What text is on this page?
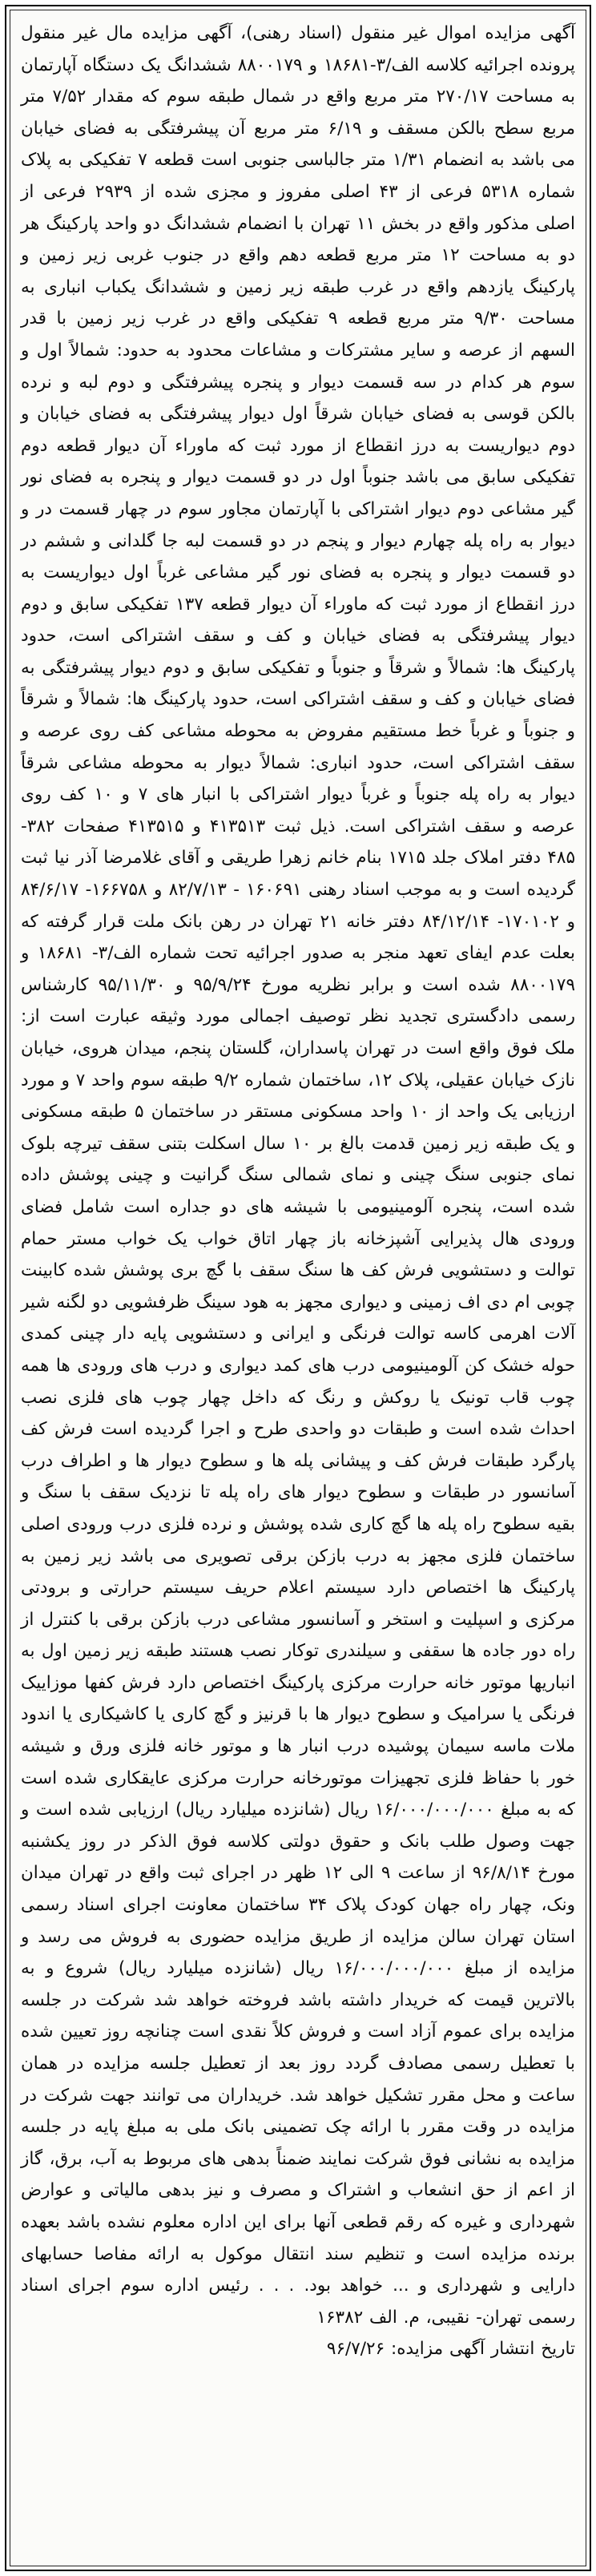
آگهی مزایده اموال غیر منقول (اسناد رهنی)، آگهی مزایده مال غیر منقول پرونده اجرائیه کلاسه الف/۳-۱۸۶۸۱ و ۸۸۰۰۱۷۹ ششدانگ یک دستگاه آپارتمان به مساحت ۲۷۰/۱۷ متر مربع واقع در شمال طبقه سوم که مقدار ۷/۵۲ متر مربع سطح بالکن مسقف و ۶/۱۹ متر مربع آن پیشرفتگی به فضای خیابان می باشد به انضمام ۱/۳۱ متر جالباسی جنوبی است قطعه ۷ تفکیکی به پلاک شماره ۵۳۱۸ فرعی از ۴۳ اصلی مفروز و مجزی شده از ۲۹۳۹ فرعی از اصلی مذکور واقع در بخش ۱۱ تهران با انضمام ششدانگ دو واحد پارکینگ هر دو به مساحت ۱۲ متر مربع قطعه دهم واقع در جنوب غربی زیر زمین و پارکینگ یازدهم واقع در غرب طبقه زیر زمین و ششدانگ یکباب انباری به مساحت ۹/۳۰ متر مربع قطعه ۹ تفکیکی واقع در غرب زیر زمین با قدر السهم از عرصه و سایر مشترکات و مشاعات محدود به حدود: شمالاً اول و سوم هر کدام در سه قسمت دیوار و پنجره پیشرفتگی و دوم لبه و نرده بالکن قوسی به فضای خیابان شرقاً اول دیوار پیشرفتگی به فضای خیابان و دوم دیواریست به درز انقطاع از مورد ثبت که ماوراء آن دیوار قطعه دوم تفکیکی سابق می باشد جنوباً اول در دو قسمت دیوار و پنجره به فضای نور گیر مشاعی دوم دیوار اشتراکی با آپارتمان مجاور سوم در چهار قسمت در و دیوار به راه پله چهارم دیوار و پنجم در دو قسمت لبه جا گلدانی و ششم در دو قسمت دیوار و پنجره به فضای نور گیر مشاعی غرباً اول دیواریست به درز انقطاع از مورد ثبت که ماوراء آن دیوار قطعه ۱۳۷ تفکیکی سابق و دوم دیوار پیشرفتگی به فضای خیابان و کف و سقف اشتراکی است، حدود پارکینگ ها: شمالاً و شرقاً و جنوباً و تفکیکی سابق و دوم دیوار پیشرفتگی به فضای خیابان و کف و سقف اشتراکی است، حدود پارکینگ ها: شمالاً و شرقاً و جنوباً و غرباً خط مستقیم مفروض به محوطه مشاعی کف روی عرصه و سقف اشتراکی است، حدود انباری: شمالاً دیوار به محوطه مشاعی شرقاً دیوار به راه پله جنوباً و غرباً دیوار اشتراکی با انبار های ۷ و ۱۰ کف روی عرصه و سقف اشتراکی است. ذیل ثبت ۴۱۳۵۱۳ و ۴۱۳۵۱۵ صفحات ۳۸۲- ۴۸۵ دفتر املاک جلد ۱۷۱۵ بنام خانم زهرا طریقی و آقای غلامرضا آذر نیا ثبت گردیده است و به موجب اسناد رهنی ۱۶۰۶۹۱ - ۸۲/۷/۱۳ و ۱۶۶۷۵۸- ۸۴/۶/۱۷ و ۱۷۰۱۰۲- ۸۴/۱۲/۱۴ دفتر خانه ۲۱ تهران در رهن بانک ملت قرار گرفته که بعلت عدم ایفای تعهد منجر به صدور اجرائیه تحت شماره الف/۳- ۱۸۶۸۱ و ۸۸۰۰۱۷۹ شده است و برابر نظریه مورخ ۹۵/۹/۲۴ و ۹۵/۱۱/۳۰ کارشناس رسمی دادگستری تجدید نظر توصیف اجمالی مورد وثیقه عبارت است از: ملک فوق واقع است در تهران پاسداران، گلستان پنجم، میدان هروی، خیابان نازک خیابان عقیلی، پلاک ۱۲، ساختمان شماره ۹/۲ طبقه سوم واحد ۷ و مورد ارزیابی یک واحد از ۱۰ واحد مسکونی مستقر در ساختمان ۵ طبقه مسکونی و یک طبقه زیر زمین قدمت بالغ بر ۱۰ سال اسکلت بتنی سقف تیرچه بلوک نمای جنوبی سنگ چینی و نمای شمالی سنگ گرانیت و چینی پوشش داده شده است، پنجره آلومینیومی با شیشه های دو جداره است شامل فضای ورودی هال پذیرایی آشپزخانه باز چهار اتاق خواب یک خواب مستر حمام توالت و دستشویی فرش کف ها سنگ سقف با گچ بری پوشش شده کابینت چوبی ام دی اف زمینی و دیواری مجهز به هود سینگ ظرفشویی دو لگنه شیر آلات اهرمی کاسه توالت فرنگی و ایرانی و دستشویی پایه دار چینی کمدی حوله خشک کن آلومینیومی درب های کمد دیواری و درب های ورودی ها همه چوب قاب تونیک یا روکش و رنگ که داخل چهار چوب های فلزی نصب احداث شده است و طبقات دو واحدی طرح و اجرا گردیده است فرش کف پارگرد طبقات فرش کف و پیشانی پله ها و سطوح دیوار ها و اطراف درب آسانسور در طبقات و سطوح دیوار های راه پله تا نزدیک سقف با سنگ و بقیه سطوح راه پله ها گچ کاری شده پوشش و نرده فلزی درب ورودی اصلی ساختمان فلزی مجهز به درب بازکن برقی تصویری می باشد زیر زمین به پارکینگ ها اختصاص دارد سیستم اعلام حریف سیستم حرارتی و برودتی مرکزی و اسپلیت و استخر و آسانسور مشاعی درب بازکن برقی با کنترل از راه دور جاده ها سقفی و سیلندری توکار نصب هستند طبقه زیر زمین اول به انباریها موتور خانه حرارت مرکزی پارکینگ اختصاص دارد فرش کفها موزاییک فرنگی یا سرامیک و سطوح دیوار ها با قرنیز و گچ کاری یا کاشیکاری یا اندود ملات ماسه سیمان پوشیده درب انبار ها و موتور خانه فلزی ورق و شیشه خور با حفاظ فلزی تجهیزات موتورخانه حرارت مرکزی عایقکاری شده است که به مبلغ ۱۶/۰۰۰/۰۰۰/۰۰۰ ریال (شانزده میلیارد ریال) ارزیابی شده است و جهت وصول طلب بانک و حقوق دولتی کلاسه فوق الذکر در روز یکشنبه مورخ ۹۶/۸/۱۴ از ساعت ۹ الی ۱۲ ظهر در اجرای ثبت واقع در تهران میدان ونک، چهار راه جهان کودک پلاک ۳۴ ساختمان معاونت اجرای اسناد رسمی استان تهران سالن مزایده از طریق مزایده حضوری به فروش می رسد و مزایده از مبلغ ۱۶/۰۰۰/۰۰۰/۰۰۰ ریال (شانزده میلیارد ریال) شروع و به بالاترین قیمت که خریدار داشته باشد فروخته خواهد شد شرکت در جلسه مزایده برای عموم آزاد است و فروش کلاً نقدی است چنانچه روز تعیین شده با تعطیل رسمی مصادف گردد روز بعد از تعطیل جلسه مزایده در همان ساعت و محل مقرر تشکیل خواهد شد. خریداران می توانند جهت شرکت در مزایده در وقت مقرر با ارائه چک تضمینی بانک ملی به مبلغ پایه در جلسه مزایده به نشانی فوق شرکت نمایند ضمناً بدهی های مربوط به آب، برق، گاز از اعم از حق انشعاب و اشتراک و مصرف و نیز بدهی مالیاتی و عوارض شهرداری و غیره که رقم قطعی آنها برای این اداره معلوم نشده باشد بعهده برنده مزایده است و تنظیم سند انتقال موکول به ارائه مفاصا حسابهای دارایی و شهرداری و ... خواهد بود. . . . رئیس اداره سوم اجرای اسناد رسمی تهران- نقیبی، م. الف ۱۶۳۸۲

تاریخ انتشار آگهی مزایده: ۹۶/۷/۲۶
